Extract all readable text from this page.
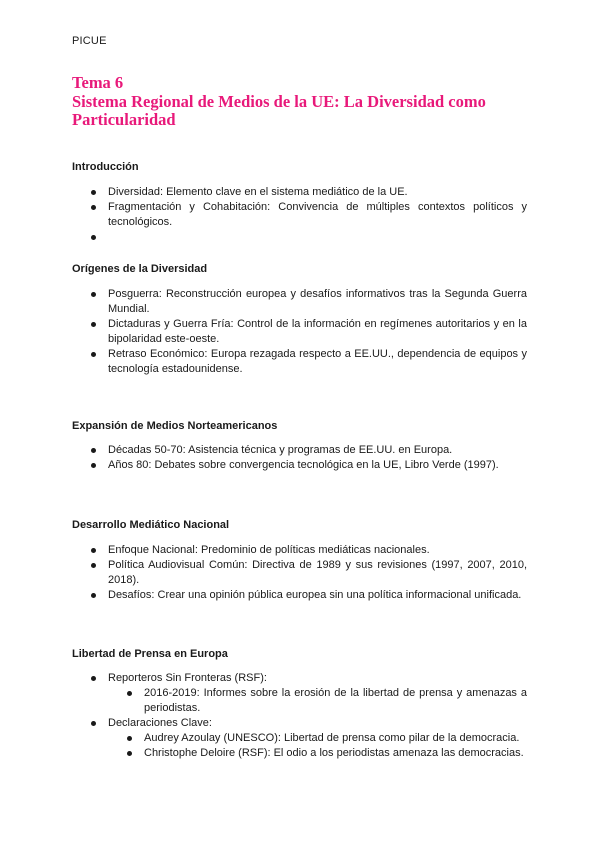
PICUE
Tema 6
Sistema Regional de Medios de la UE: La Diversidad como
Particularidad
Introducción
Diversidad: Elemento clave en el sistema mediático de la UE.
Fragmentación y Cohabitación: Convivencia de múltiples contextos políticos y tecnológicos.

Orígenes de la Diversidad
Posguerra: Reconstrucción europea y desafíos informativos tras la Segunda Guerra Mundial.
Dictaduras y Guerra Fría: Control de la información en regímenes autoritarios y en la bipolaridad este-oeste.
Retraso Económico: Europa rezagada respecto a EE.UU., dependencia de equipos y tecnología estadounidense.
Expansión de Medios Norteamericanos
Décadas 50-70: Asistencia técnica y programas de EE.UU. en Europa.
Años 80: Debates sobre convergencia tecnológica en la UE, Libro Verde (1997).
Desarrollo Mediático Nacional
Enfoque Nacional: Predominio de políticas mediáticas nacionales.
Política Audiovisual Común: Directiva de 1989 y sus revisiones (1997, 2007, 2010, 2018).
Desafíos: Crear una opinión pública europea sin una política informacional unificada.
Libertad de Prensa en Europa
Reporteros Sin Fronteras (RSF):
2016-2019: Informes sobre la erosión de la libertad de prensa y amenazas a periodistas.
Declaraciones Clave:
Audrey Azoulay (UNESCO): Libertad de prensa como pilar de la democracia.
Christophe Deloire (RSF): El odio a los periodistas amenaza las democracias.
